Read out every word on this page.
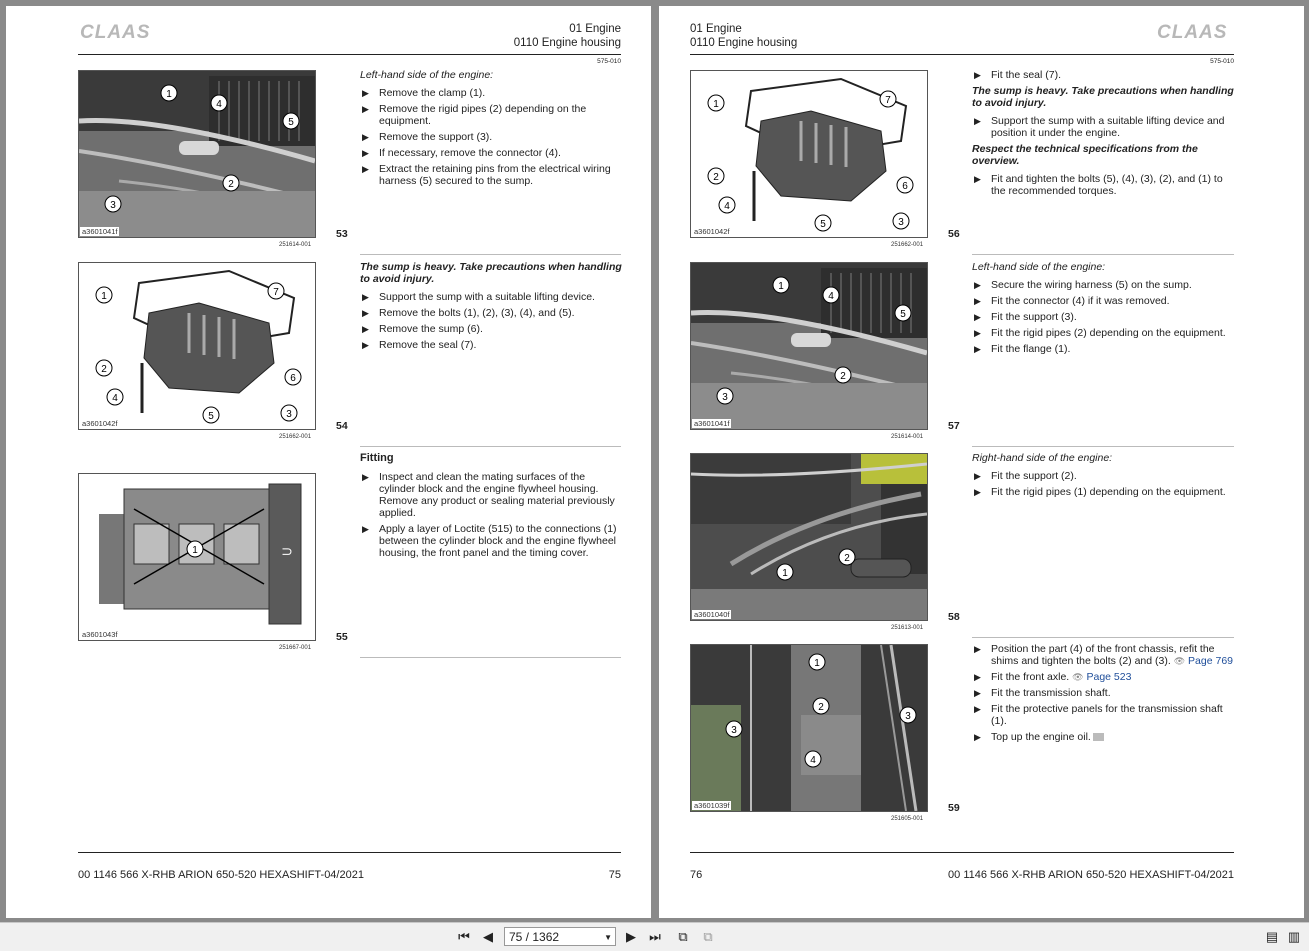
CLAAS	01 Engine
0110 Engine housing
575-010
1
4
5
2
3
a3601041f
251614-001
53
Left-hand side of the engine:
▶ Remove the clamp (1).
▶ Remove the rigid pipes (2) depending on the equipment.
▶ Remove the support (3).
▶ If necessary, remove the connector (4).
▶ Extract the retaining pins from the electrical wiring harness (5) secured to the sump.
1	7
2
6
4
5	3
a3601042f
251662-001
54
The sump is heavy. Take precautions when handling to avoid injury.
▶ Support the sump with a suitable lifting device.
▶ Remove the bolts (1), (2), (3), (4), and (5).
▶ Remove the sump (6).
▶ Remove the seal (7).
⊃
1
a3601043f
251667-001
55
Fitting
▶ Inspect and clean the mating surfaces of the cylinder block and the engine flywheel housing. Remove any product or sealing material previously applied.
▶ Apply a layer of Loctite (515) to the connections (1) between the cylinder block and the engine flywheel housing, the front panel and the timing cover.
00 1146 566 X-RHB ARION 650-520 HEXASHIFT-04/2021	75
01 Engine
0110 Engine housing	CLAAS
575-010
1	7
2
6
4
5	3
a3601042f
251662-001
56
▶ Fit the seal (7).
The sump is heavy. Take precautions when handling to avoid injury.
▶ Support the sump with a suitable lifting device and position it under the engine.
Respect the technical specifications from the overview.
▶ Fit and tighten the bolts (5), (4), (3), (2), and (1) to the recommended torques.
1
4
5
2
3
a3601041f
251614-001
57
Left-hand side of the engine:
▶ Secure the wiring harness (5) on the sump.
▶ Fit the connector (4) if it was removed.
▶ Fit the support (3).
▶ Fit the rigid pipes (2) depending on the equipment.
▶ Fit the flange (1).
2
1
a3601040f
251613-001
58
Right-hand side of the engine:
▶ Fit the support (2).
▶ Fit the rigid pipes (1) depending on the equipment.
1
2
3
3
4
a3601039f
251605-001
59
▶ Position the part (4) of the front chassis, refit the shims and tighten the bolts (2) and (3). 👁 Page 769
▶ Fit the front axle. 👁 Page 523
▶ Fit the transmission shaft.
▶ Fit the protective panels for the transmission shaft (1).
▶ Top up the engine oil.
76	00 1146 566 X-RHB ARION 650-520 HEXASHIFT-04/2021
⏮ ◀	75 / 1362	▼ ▶ ⏭	⧉	⧉	▤ ▥
